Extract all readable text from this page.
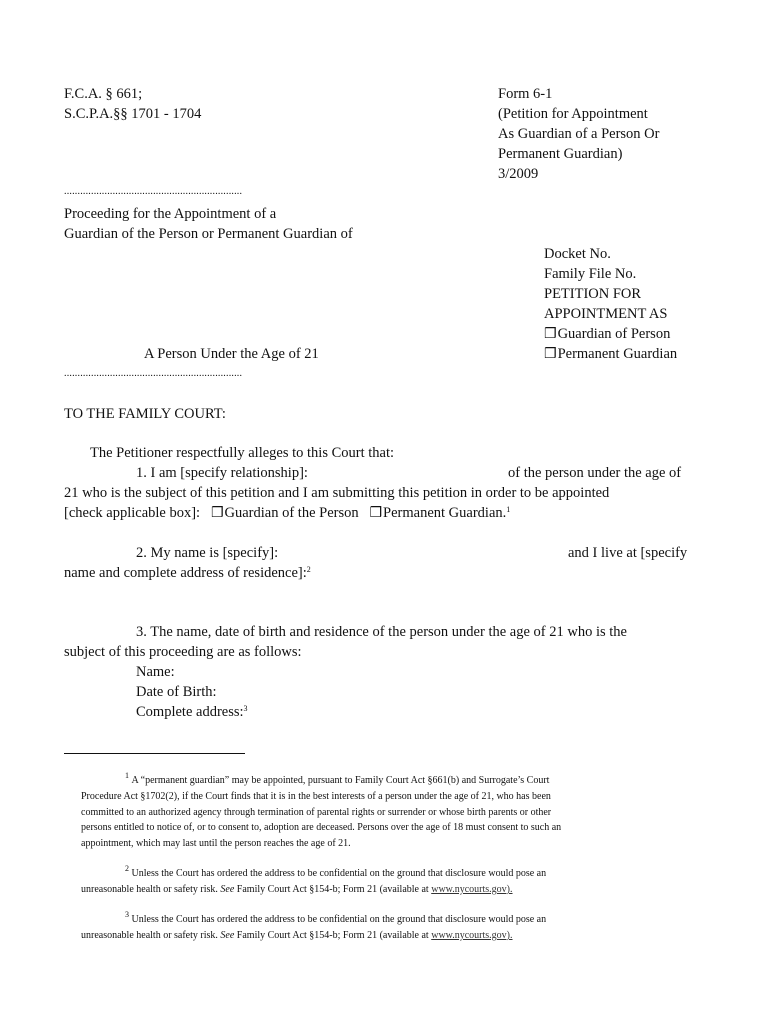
F.C.A. § 661;
S.C.P.A.§§ 1701 - 1704
Form 6-1
(Petition for Appointment
As Guardian of a Person Or
Permanent Guardian)
3/2009
..................................................................
Proceeding for the Appointment of a
Guardian of the Person or Permanent Guardian of
Docket No.
Family File No.
PETITION FOR
APPOINTMENT AS
❒Guardian of Person
❒Permanent Guardian
A Person Under the Age of 21
..................................................................
TO THE FAMILY COURT:
The Petitioner respectfully alleges to this Court that:
1. I am [specify relationship]:	of the person under the age of
21 who is the subject of this petition and I am submitting this petition in order to be appointed
[check applicable box]: ❒Guardian of the Person ❒Permanent Guardian.$^1$
2. My name is [specify]:	and I live at [specify
name and complete address of residence]:$^2$
3. The name, date of birth and residence of the person under the age of 21 who is the
subject of this proceeding are as follows:
Name:
Date of Birth:
Complete address:$^3$
$^1$ A “permanent guardian” may be appointed, pursuant to Family Court Act §661(b) and Surrogate’s Court
Procedure Act §1702(2), if the Court finds that it is in the best interests of a person under the age of 21, who has been
committed to an authorized agency through termination of parental rights or surrender or whose birth parents or other
persons entitled to notice of, or to consent to, adoption are deceased. Persons over the age of 18 must consent to such an
appointment, which may last until the person reaches the age of 21.
$^2$ Unless the Court has ordered the address to be confidential on the ground that disclosure would pose an
unreasonable health or safety risk. See Family Court Act §154-b; Form 21 (available at www.nycourts.gov).
$^3$ Unless the Court has ordered the address to be confidential on the ground that disclosure would pose an
unreasonable health or safety risk. See Family Court Act §154-b; Form 21 (available at www.nycourts.gov).
